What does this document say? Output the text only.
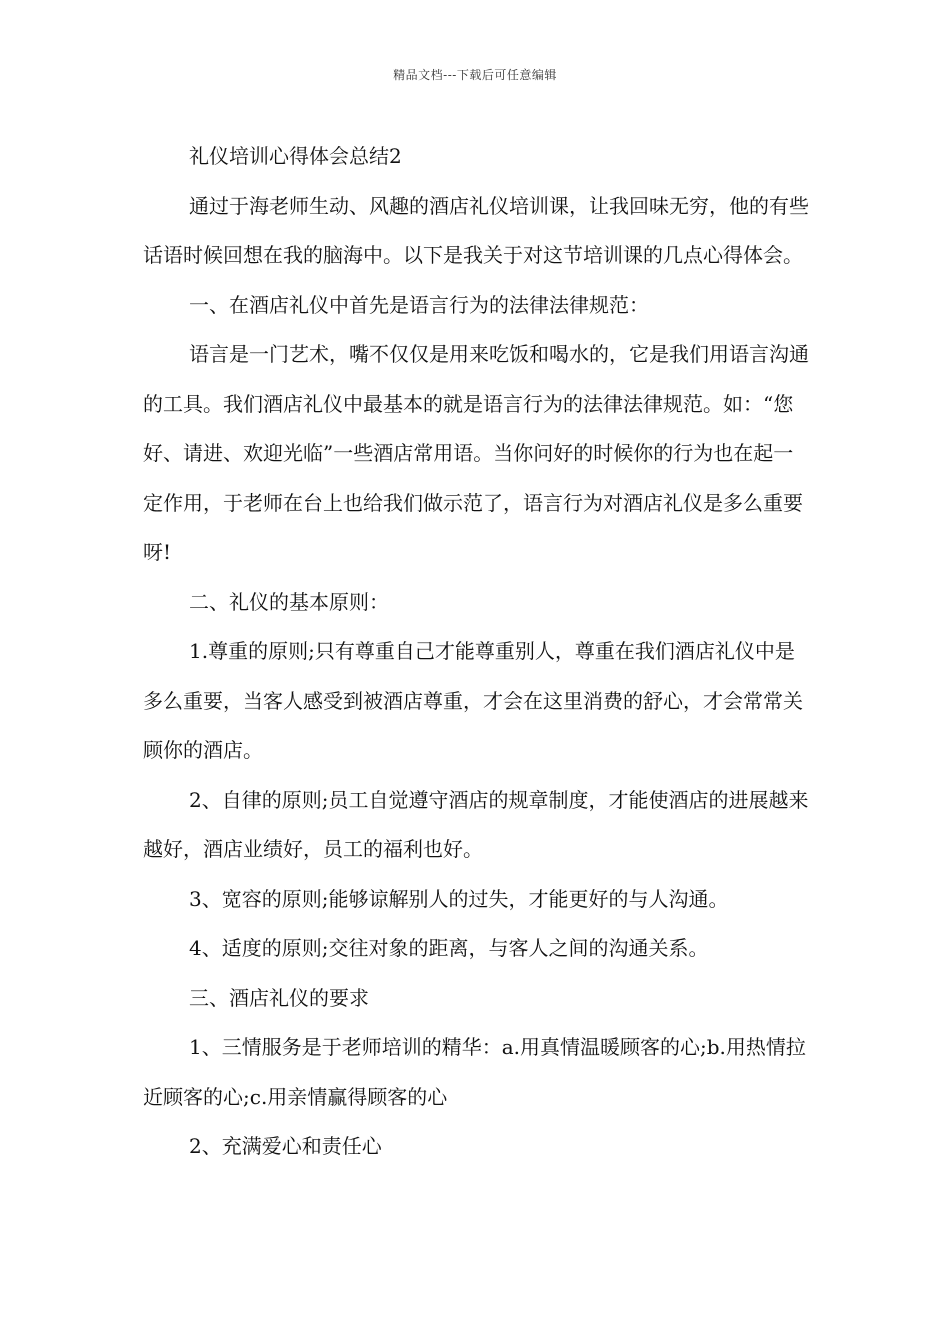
精品文档---下载后可任意编辑

礼仪培训心得体会总结2

通过于海老师生动、风趣的酒店礼仪培训课，让我回味无穷，他的有些话语时候回想在我的脑海中。以下是我关于对这节培训课的几点心得体会。

一、在酒店礼仪中首先是语言行为的法律法律规范：

语言是一门艺术，嘴不仅仅是用来吃饭和喝水的，它是我们用语言沟通的工具。我们酒店礼仪中最基本的就是语言行为的法律法律规范。如：“您好、请进、欢迎光临”一些酒店常用语。当你问好的时候你的行为也在起一定作用，于老师在台上也给我们做示范了，语言行为对酒店礼仪是多么重要呀!

二、礼仪的基本原则：

1.尊重的原则;只有尊重自己才能尊重别人，尊重在我们酒店礼仪中是多么重要，当客人感受到被酒店尊重，才会在这里消费的舒心，才会常常关顾你的酒店。

2、自律的原则;员工自觉遵守酒店的规章制度，才能使酒店的进展越来越好，酒店业绩好，员工的福利也好。

3、宽容的原则;能够谅解别人的过失，才能更好的与人沟通。

4、适度的原则;交往对象的距离，与客人之间的沟通关系。

三、酒店礼仪的要求

1、三情服务是于老师培训的精华：a.用真情温暖顾客的心;b.用热情拉近顾客的心;c.用亲情赢得顾客的心

2、充满爱心和责任心
